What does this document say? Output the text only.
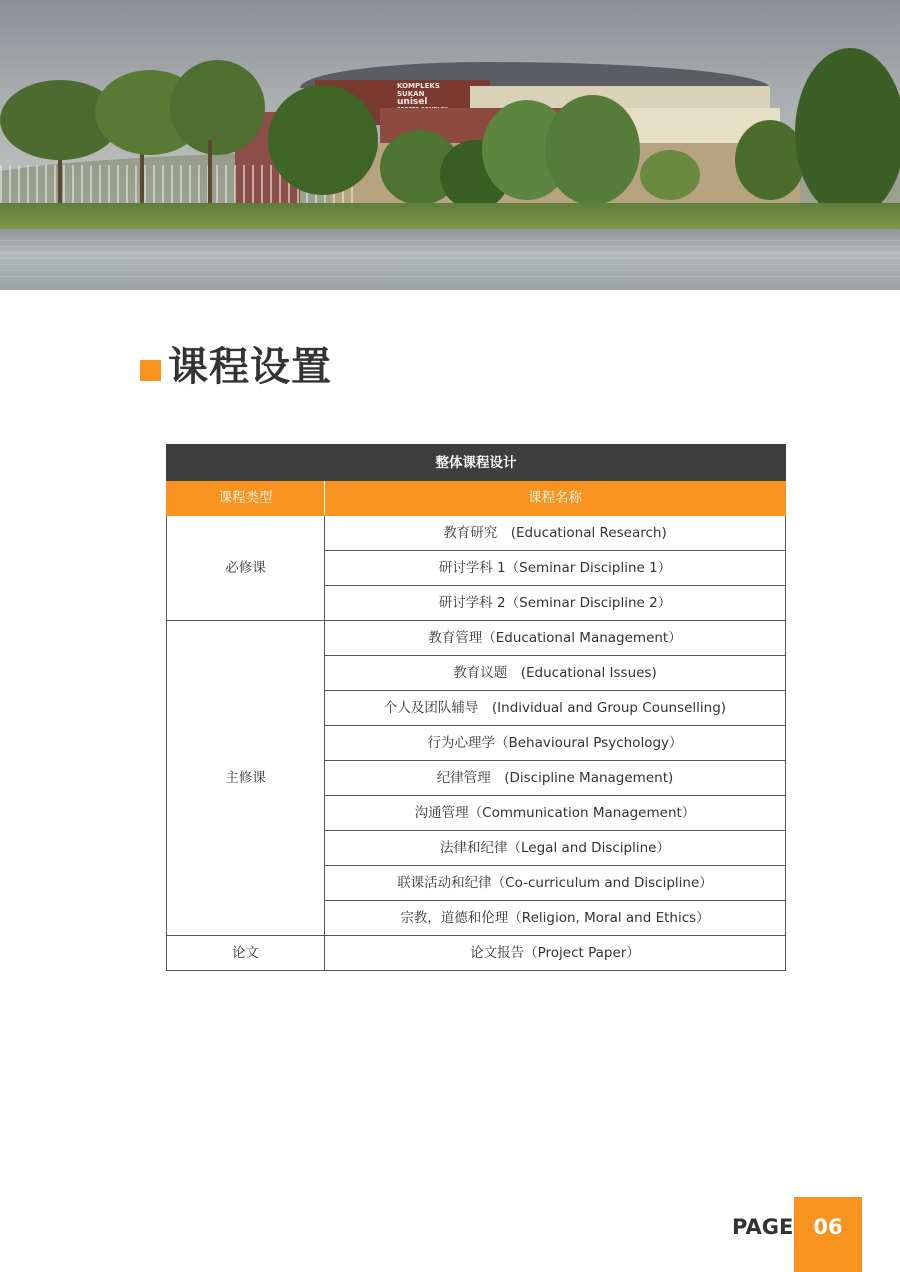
KOMPLEKS SUKAN
unisel
课程设置
整体课程设计	
课程类型	课程名称
必修课	教育研究　(Educational Research)
	研讨学科 1（Seminar Discipline 1）
	研讨学科 2（Seminar Discipline 2）
主修课	教育管理（Educational Management）
	教育议题　(Educational Issues)
	个人及团队辅导　(Individual and Group Counselling)
	行为心理学（Behavioural Psychology）
	纪律管理　(Discipline Management)
	沟通管理（Communication Management）
	法律和纪律（Legal and Discipline）
	联课活动和纪律（Co-curriculum and Discipline）
	宗教，道德和伦理（Religion, Moral and Ethics）
论文	论文报告（Project Paper）
PAGE 06
